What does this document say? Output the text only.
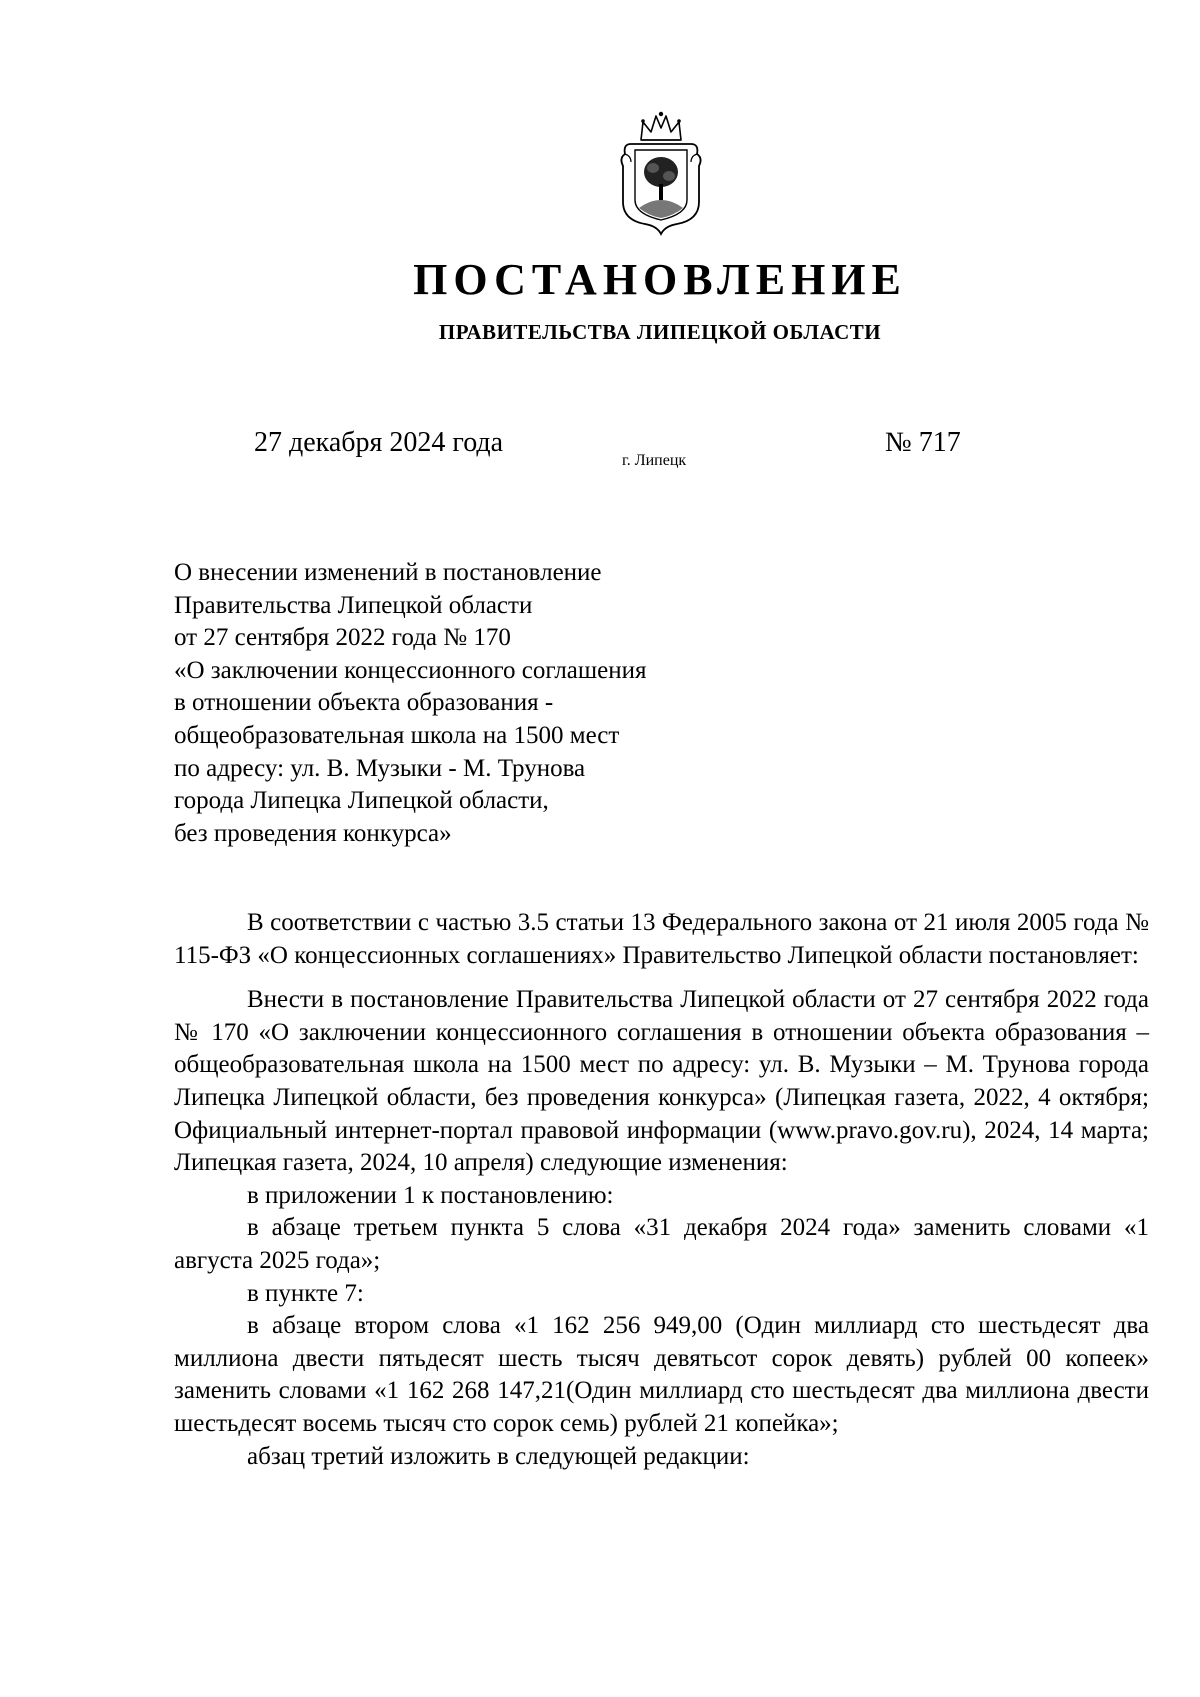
ПОСТАНОВЛЕНИЕ
ПРАВИТЕЛЬСТВА ЛИПЕЦКОЙ ОБЛАСТИ
27 декабря 2024 года
г. Липецк
№ 717
О внесении изменений в постановление
Правительства Липецкой области
от 27 сентября 2022 года № 170
«О заключении концессионного соглашения
в отношении объекта образования -
общеобразовательная школа на 1500 мест
по адресу: ул. В. Музыки - М. Трунова
города Липецка Липецкой области,
без проведения конкурса»

В соответствии с частью 3.5 статьи 13 Федерального закона от 21 июля 2005 года № 115-ФЗ «О концессионных соглашениях» Правительство Липецкой области постановляет:

Внести в постановление Правительства Липецкой области от 27 сентября 2022 года № 170 «О заключении концессионного соглашения в отношении объекта образования – общеобразовательная школа на 1500 мест по адресу: ул. В. Музыки – М. Трунова города Липецка Липецкой области, без проведения конкурса» (Липецкая газета, 2022, 4 октября; Официальный интернет-портал правовой информации (www.pravo.gov.ru), 2024, 14 марта; Липецкая газета, 2024, 10 апреля) следующие изменения:

в приложении 1 к постановлению:

в абзаце третьем пункта 5 слова «31 декабря 2024 года» заменить словами «1 августа 2025 года»;

в пункте 7:

в абзаце втором слова «1 162 256 949,00 (Один миллиард сто шестьдесят два миллиона двести пятьдесят шесть тысяч девятьсот сорок девять) рублей 00 копеек» заменить словами «1 162 268 147,21(Один миллиард сто шестьдесят два миллиона двести шестьдесят восемь тысяч сто сорок семь) рублей 21 копейка»;

абзац третий изложить в следующей редакции:
